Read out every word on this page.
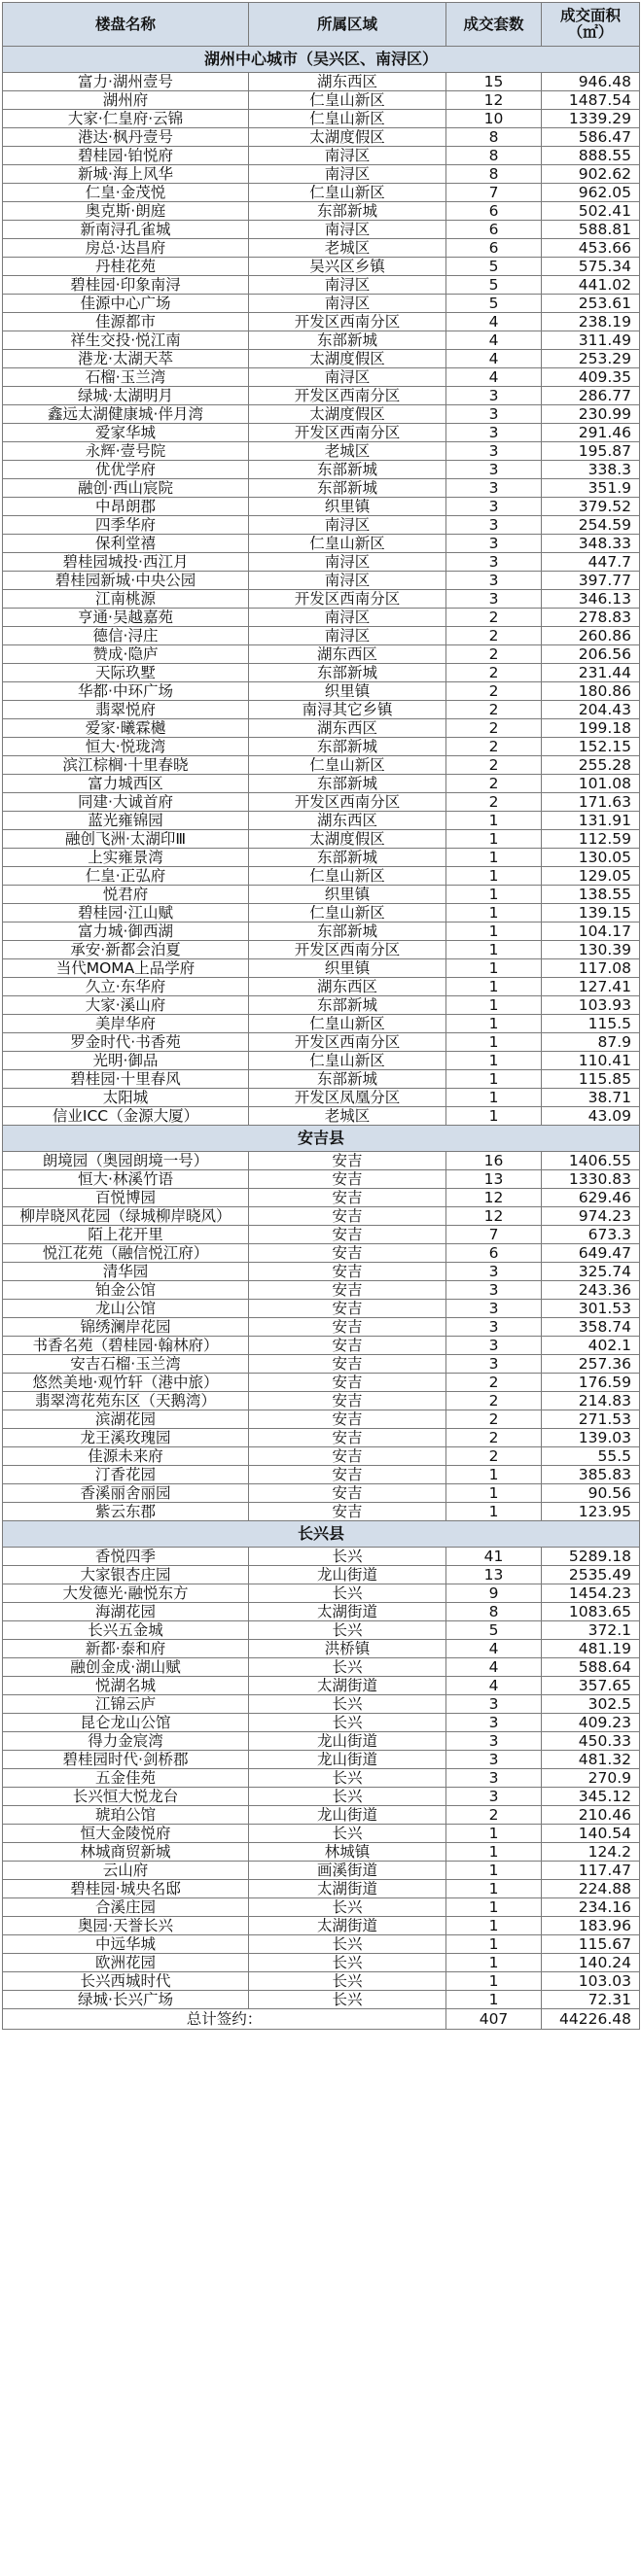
楼盘名称	所属区域	成交套数	成交面积
（㎡）
湖州中心城市（吴兴区、南浔区）			
富力·湖州壹号	湖东西区	15	946.48
湖州府	仁皇山新区	12	1487.54
大家·仁皇府·云锦	仁皇山新区	10	1339.29
港达·枫丹壹号	太湖度假区	8	586.47
碧桂园·铂悦府	南浔区	8	888.55
新城·海上风华	南浔区	8	902.62
仁皇·金茂悦	仁皇山新区	7	962.05
奥克斯·朗庭	东部新城	6	502.41
新南浔孔雀城	南浔区	6	588.81
房总·达昌府	老城区	6	453.66
丹桂花苑	吴兴区乡镇	5	575.34
碧桂园·印象南浔	南浔区	5	441.02
佳源中心广场	南浔区	5	253.61
佳源都市	开发区西南分区	4	238.19
祥生交投·悦江南	东部新城	4	311.49
港龙·太湖天萃	太湖度假区	4	253.29
石榴·玉兰湾	南浔区	4	409.35
绿城·太湖明月	开发区西南分区	3	286.77
鑫远太湖健康城·伴月湾	太湖度假区	3	230.99
爱家华城	开发区西南分区	3	291.46
永辉·壹号院	老城区	3	195.87
优优学府	东部新城	3	338.3
融创·西山宸院	东部新城	3	351.9
中昂朗郡	织里镇	3	379.52
四季华府	南浔区	3	254.59
保利堂禧	仁皇山新区	3	348.33
碧桂园城投·西江月	南浔区	3	447.7
碧桂园新城·中央公园	南浔区	3	397.77
江南桃源	开发区西南分区	3	346.13
亨通·吴越嘉苑	南浔区	2	278.83
德信·浔庄	南浔区	2	260.86
赞成·隐庐	湖东西区	2	206.56
天际玖墅	东部新城	2	231.44
华都·中环广场	织里镇	2	180.86
翡翠悦府	南浔其它乡镇	2	204.43
爱家·曦霖樾	湖东西区	2	199.18
恒大·悦珑湾	东部新城	2	152.15
滨江棕榈·十里春晓	仁皇山新区	2	255.28
富力城西区	东部新城	2	101.08
同建·大诚首府	开发区西南分区	2	171.63
蓝光雍锦园	湖东西区	1	131.91
融创飞洲·太湖印Ⅲ	太湖度假区	1	112.59
上实雍景湾	东部新城	1	130.05
仁皇·正弘府	仁皇山新区	1	129.05
悦君府	织里镇	1	138.55
碧桂园·江山赋	仁皇山新区	1	139.15
富力城·御西湖	东部新城	1	104.17
承安·新都会泊夏	开发区西南分区	1	130.39
当代MOMA上品学府	织里镇	1	117.08
久立·东华府	湖东西区	1	127.41
大家·溪山府	东部新城	1	103.93
美岸华府	仁皇山新区	1	115.5
罗金时代·书香苑	开发区西南分区	1	87.9
光明·御品	仁皇山新区	1	110.41
碧桂园·十里春风	东部新城	1	115.85
太阳城	开发区凤凰分区	1	38.71
信业ICC（金源大厦）	老城区	1	43.09
安吉县			
朗境园（奥园朗境一号）	安吉	16	1406.55
恒大·林溪竹语	安吉	13	1330.83
百悦博园	安吉	12	629.46
柳岸晓风花园（绿城柳岸晓风）	安吉	12	974.23
陌上花开里	安吉	7	673.3
悦江花苑（融信悦江府）	安吉	6	649.47
清华园	安吉	3	325.74
铂金公馆	安吉	3	243.36
龙山公馆	安吉	3	301.53
锦绣澜岸花园	安吉	3	358.74
书香名苑（碧桂园·翰林府）	安吉	3	402.1
安吉石榴·玉兰湾	安吉	3	257.36
悠然美地·观竹轩（港中旅）	安吉	2	176.59
翡翠湾花苑东区（天鹅湾）	安吉	2	214.83
滨湖花园	安吉	2	271.53
龙王溪玫瑰园	安吉	2	139.03
佳源未来府	安吉	2	55.5
汀香花园	安吉	1	385.83
香溪丽舍丽园	安吉	1	90.56
紫云东郡	安吉	1	123.95
长兴县			
香悦四季	长兴	41	5289.18
大家银杏庄园	龙山街道	13	2535.49
大发德光·融悦东方	长兴	9	1454.23
海湖花园	太湖街道	8	1083.65
长兴五金城	长兴	5	372.1
新都·泰和府	洪桥镇	4	481.19
融创金成·湖山赋	长兴	4	588.64
悦湖名城	太湖街道	4	357.65
江锦云庐	长兴	3	302.5
昆仑龙山公馆	长兴	3	409.23
得力金宸湾	龙山街道	3	450.33
碧桂园时代·剑桥郡	龙山街道	3	481.32
五金佳苑	长兴	3	270.9
长兴恒大悦龙台	长兴	3	345.12
琥珀公馆	龙山街道	2	210.46
恒大金陵悦府	长兴	1	140.54
林城商贸新城	林城镇	1	124.2
云山府	画溪街道	1	117.47
碧桂园·城央名邸	太湖街道	1	224.88
合溪庄园	长兴	1	234.16
奥园·天誉长兴	太湖街道	1	183.96
中远华城	长兴	1	115.67
欧洲花园	长兴	1	140.24
长兴西城时代	长兴	1	103.03
绿城·长兴广场	长兴	1	72.31
总计签约：		407	44226.48
